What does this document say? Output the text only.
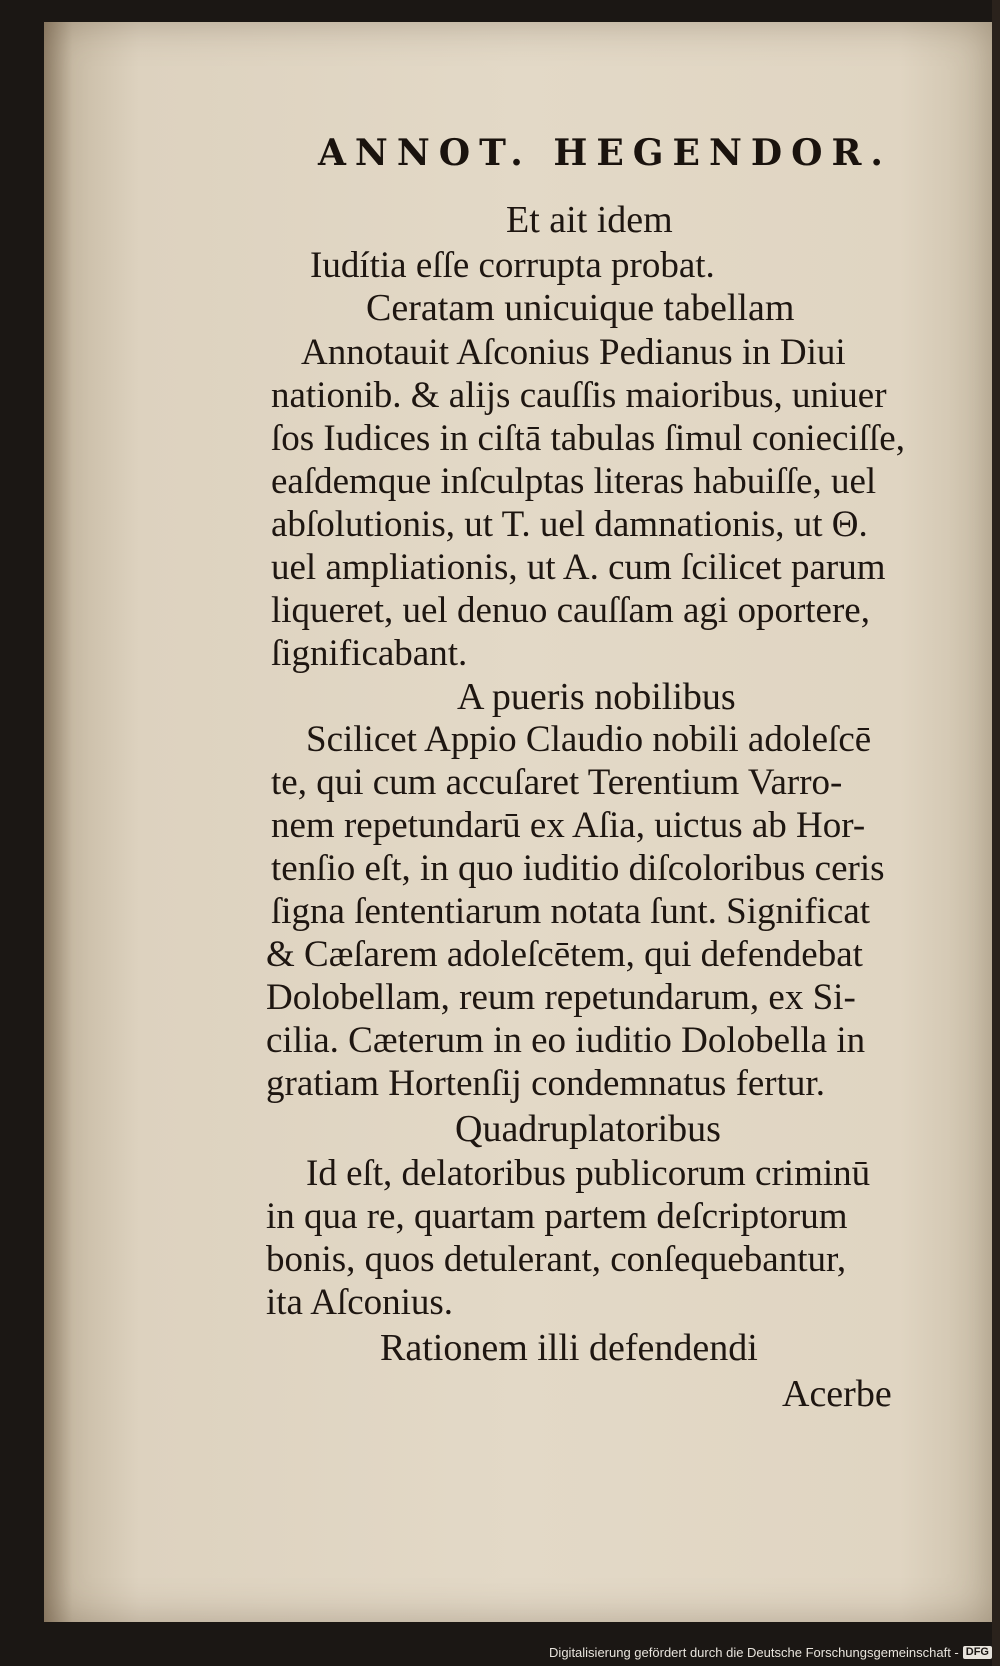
ANNOT. HEGENDOR.
Et ait idem
Iudítia eſſe corrupta probat.
Ceratam unicuique tabellam
Annotauit Aſconius Pedianus in Diui
nationib. & alijs cauſſis maioribus, uniuer
ſos Iudices in ciſtā tabulas ſimul conieciſſe,
eaſdemque inſculptas literas habuiſſe, uel
abſolutionis, ut T. uel damnationis, ut Θ.
uel ampliationis, ut A. cum ſcilicet parum
liqueret, uel denuo cauſſam agi oportere,
ſignificabant.
A pueris nobilibus
Scilicet Appio Claudio nobili adoleſcē
te, qui cum accuſaret Terentium Varro-
nem repetundarū ex Aſia, uictus ab Hor-
tenſio eſt, in quo iuditio diſcoloribus ceris
ſigna ſententiarum notata ſunt. Significat
& Cæſarem adoleſcētem, qui defendebat
Dolobellam, reum repetundarum, ex Si-
cilia. Cæterum in eo iuditio Dolobella in
gratiam Hortenſij condemnatus fertur.
Quadruplatoribus
Id eſt, delatoribus publicorum criminū
in qua re, quartam partem deſcriptorum
bonis, quos detulerant, conſequebantur,
ita Aſconius.
Rationem illi defendendi
Acerbe
Digitalisierung gefördert durch die Deutsche Forschungsgemeinschaft - DFG
